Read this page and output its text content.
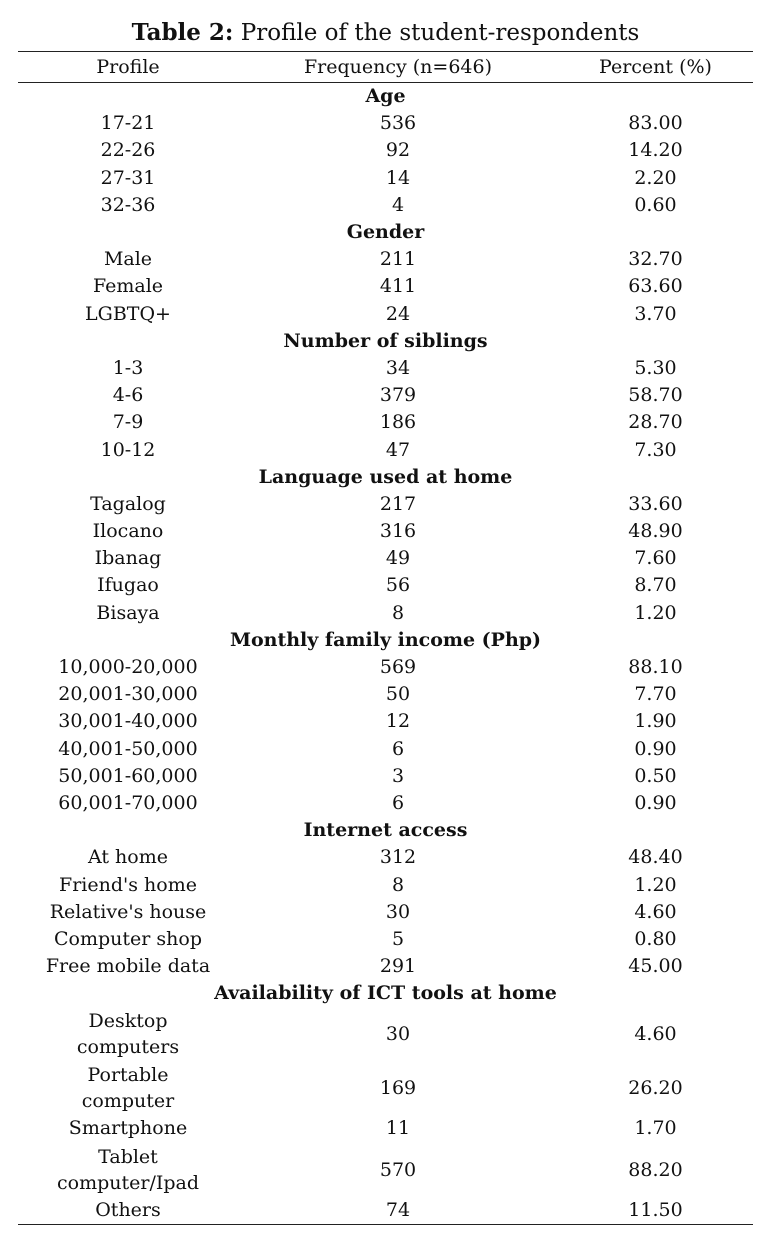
Table 2: Profile of the student-respondents
Profile	Frequency (n=646)	Percent (%)
Age		
17-21	536	83.00
22-26	92	14.20
27-31	14	2.20
32-36	4	0.60
Gender		
Male	211	32.70
Female	411	63.60
LGBTQ+	24	3.70
Number of siblings		
1-3	34	5.30
4-6	379	58.70
7-9	186	28.70
10-12	47	7.30
Language used at home		
Tagalog	217	33.60
Ilocano	316	48.90
Ibanag	49	7.60
Ifugao	56	8.70
Bisaya	8	1.20
Monthly family income (Php)		
10,000-20,000	569	88.10
20,001-30,000	50	7.70
30,001-40,000	12	1.90
40,001-50,000	6	0.90
50,001-60,000	3	0.50
60,001-70,000	6	0.90
Internet access		
At home	312	48.40
Friend's home	8	1.20
Relative's house	30	4.60
Computer shop	5	0.80
Free mobile data	291	45.00
Availability of ICT tools at home		
Desktop
computers	30	4.60
Portable
computer	169	26.20
Smartphone	11	1.70
Tablet
computer/Ipad	570	88.20
Others	74	11.50
